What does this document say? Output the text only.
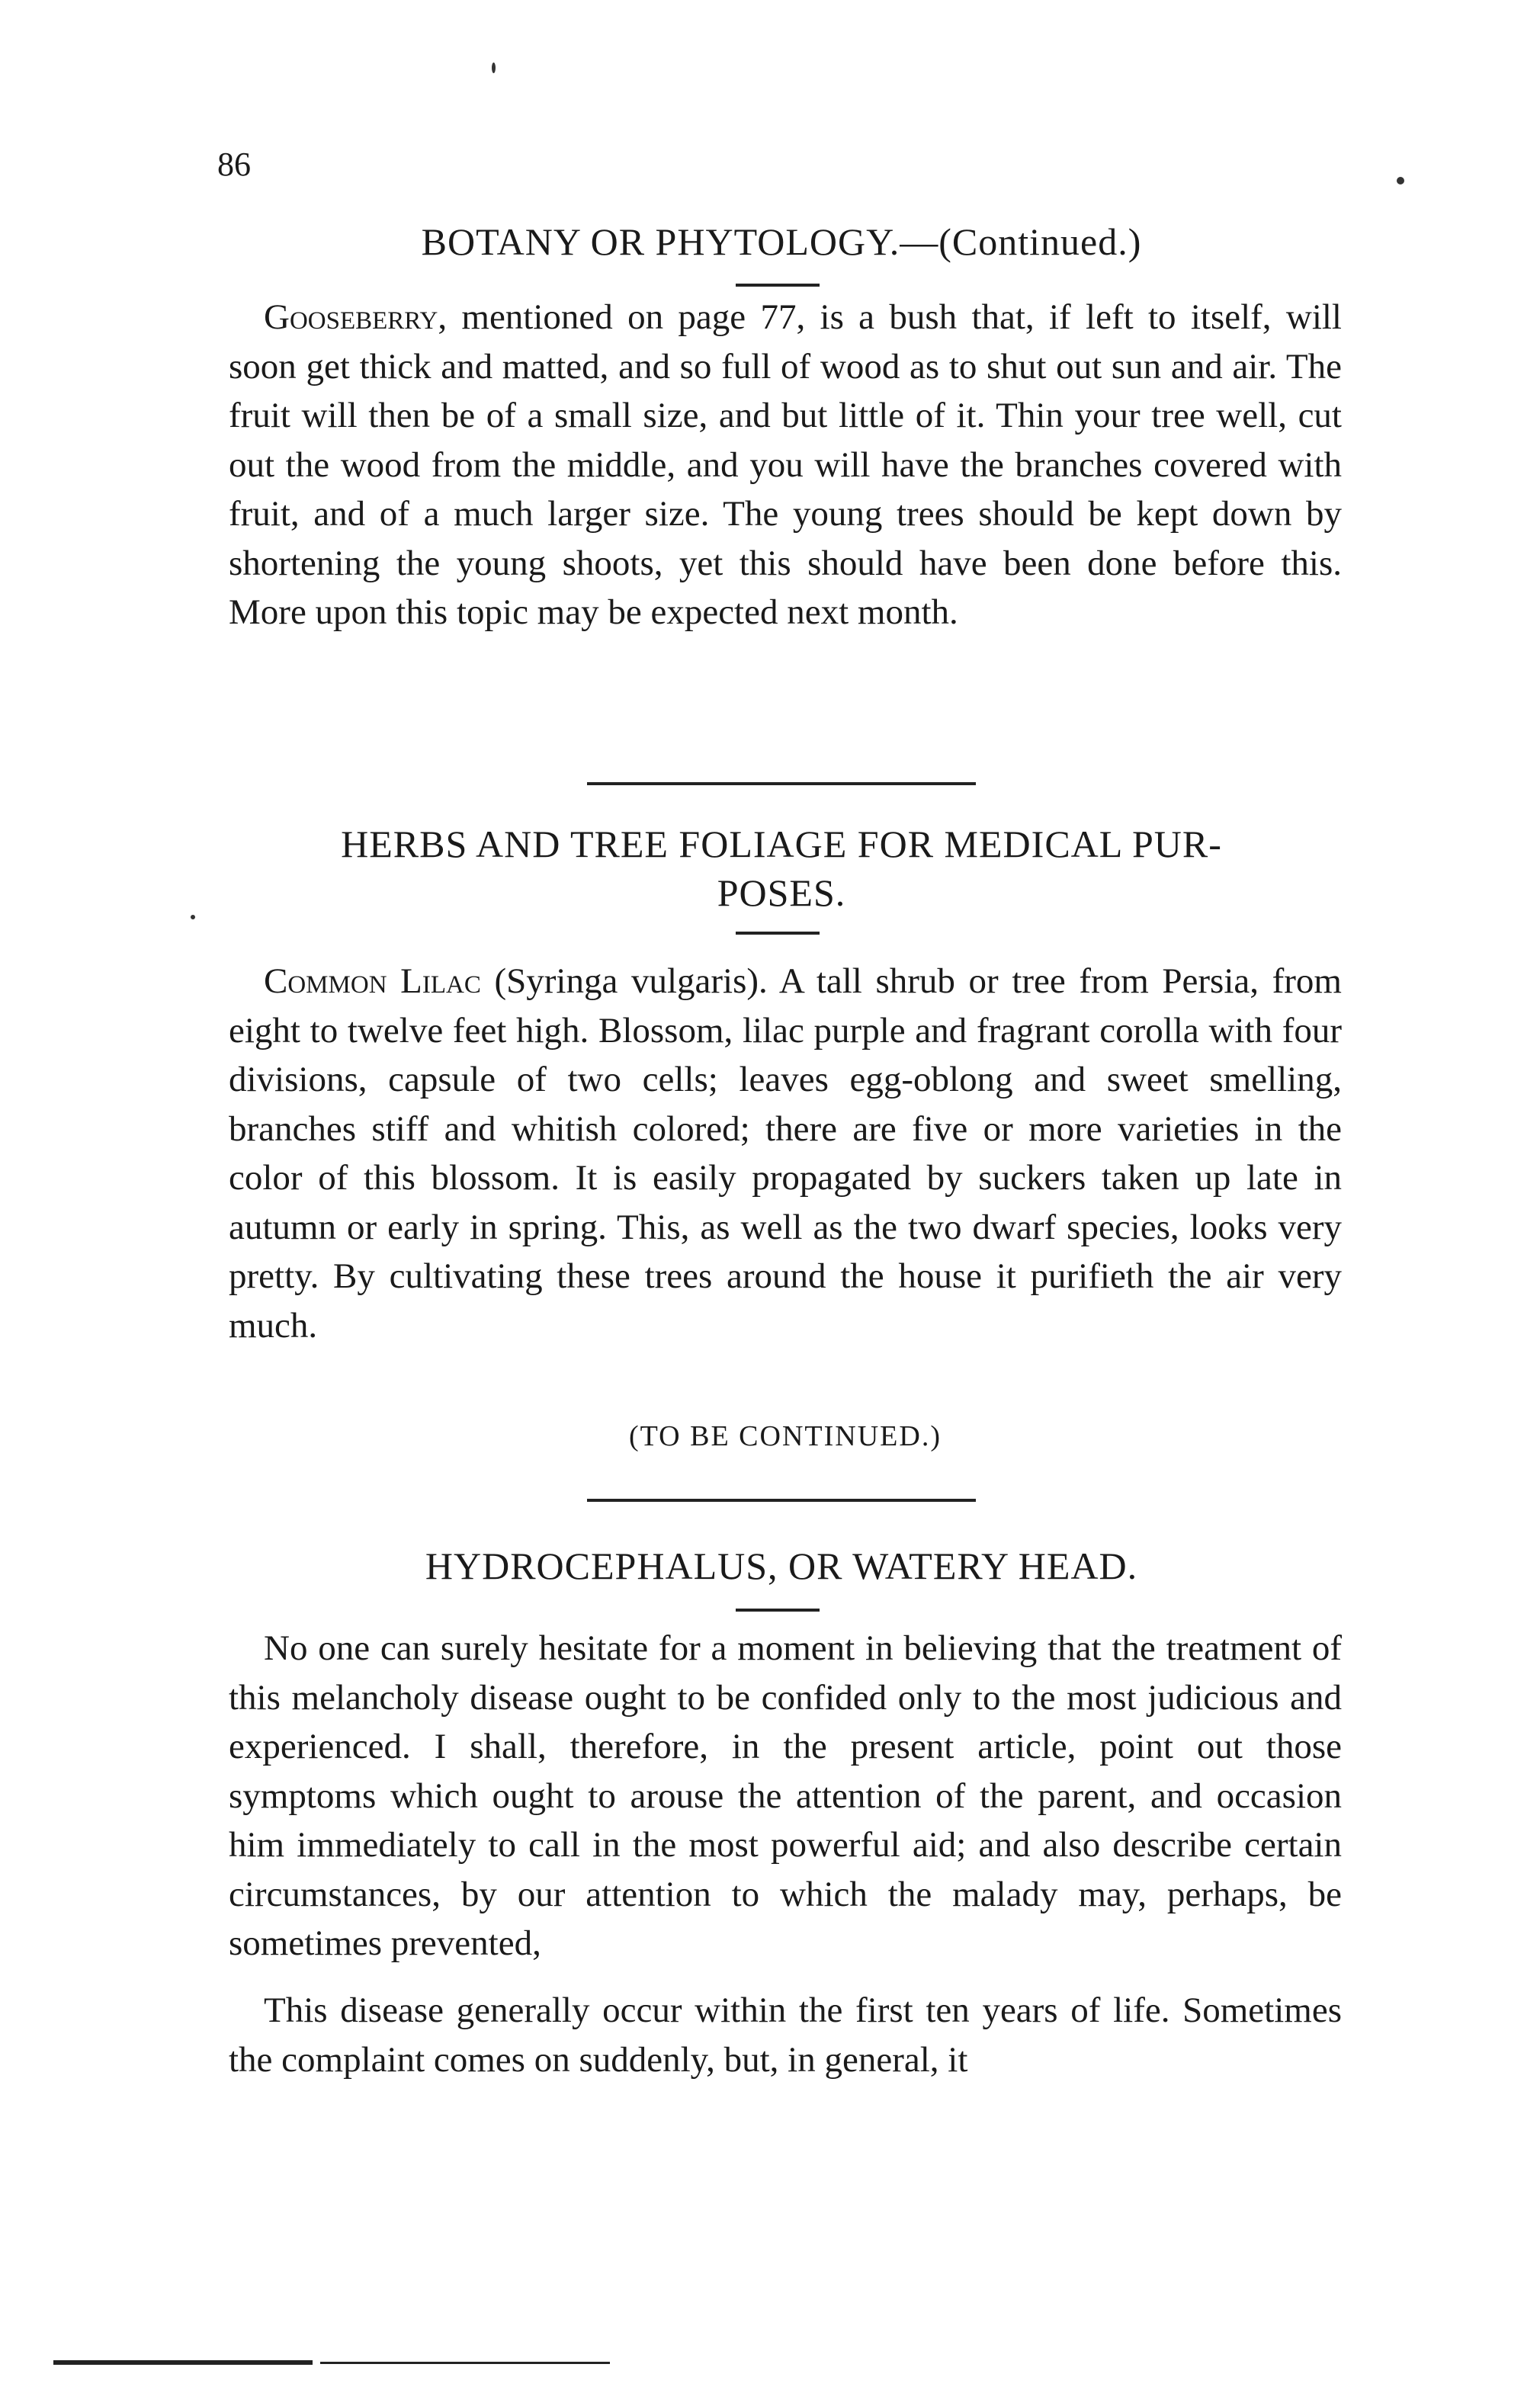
86
BOTANY OR PHYTOLOGY.—(Continued.)
Gooseberry, mentioned on page 77, is a bush that, if left to itself, will soon get thick and matted, and so full of wood as to shut out sun and air. The fruit will then be of a small size, and but little of it. Thin your tree well, cut out the wood from the middle, and you will have the branches covered with fruit, and of a much larger size. The young trees should be kept down by shortening the young shoots, yet this should have been done before this. More upon this topic may be expected next month.
HERBS AND TREE FOLIAGE FOR MEDICAL PUR-
POSES.
Common Lilac (Syringa vulgaris). A tall shrub or tree from Persia, from eight to twelve feet high. Blossom, lilac purple and fragrant corolla with four divisions, capsule of two cells; leaves egg-oblong and sweet smelling, branches stiff and whitish colored; there are five or more varieties in the color of this blossom. It is easily propagated by suckers taken up late in autumn or early in spring. This, as well as the two dwarf species, looks very pretty. By cultivating these trees around the house it purifieth the air very much.
(TO BE CONTINUED.)
HYDROCEPHALUS, OR WATERY HEAD.
No one can surely hesitate for a moment in believing that the treatment of this melancholy disease ought to be confided only to the most judicious and experienced. I shall, therefore, in the present article, point out those symptoms which ought to arouse the attention of the parent, and occasion him immediately to call in the most powerful aid; and also describe certain circumstances, by our attention to which the malady may, perhaps, be sometimes prevented,
This disease generally occur within the first ten years of life. Sometimes the complaint comes on suddenly, but, in general, it
